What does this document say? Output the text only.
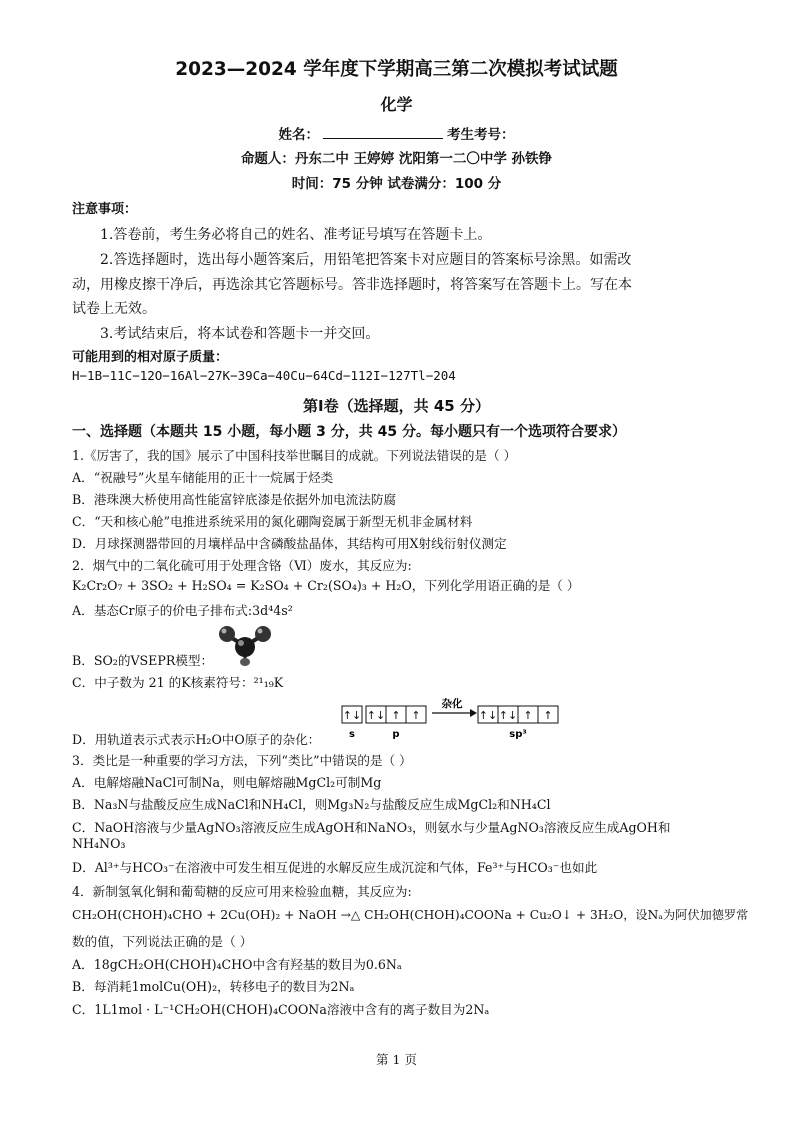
2023—2024 学年度下学期高三第二次模拟考试试题
化学
姓名：	考生考号：
命题人：丹东二中 王婷婷 沈阳第一二〇中学 孙铁铮
时间：75 分钟 试卷满分：100 分
注意事项：
1.答卷前，考生务必将自己的姓名、准考证号填写在答题卡上。
2.答选择题时，选出每小题答案后，用铅笔把答案卡对应题目的答案标号涂黑。如需改
动，用橡皮擦干净后，再选涂其它答题标号。答非选择题时，将答案写在答题卡上。写在本
试卷上无效。
3.考试结束后，将本试卷和答题卡一并交回。
可能用到的相对原子质量：
H−1B−11C−12O−16Al−27K−39Ca−40Cu−64Cd−112I−127Tl−204
第Ⅰ卷（选择题，共 45 分）
一、选择题（本题共 15 小题，每小题 3 分，共 45 分。每小题只有一个选项符合要求）
1.《厉害了，我的国》展示了中国科技举世瞩目的成就。下列说法错误的是（ ）
A．“祝融号”火星车储能用的正十一烷属于烃类
B．港珠澳大桥使用高性能富锌底漆是依据外加电流法防腐
C．“天和核心舱”电推进系统采用的氮化硼陶瓷属于新型无机非金属材料
D．月球探测器带回的月壤样品中含磷酸盐晶体，其结构可用X射线衍射仪测定
2．烟气中的二氧化硫可用于处理含铬（Ⅵ）废水，其反应为:
K₂Cr₂O₇ + 3SO₂ + H₂SO₄ = K₂SO₄ + Cr₂(SO₄)₃ + H₂O，下列化学用语正确的是（ ）
A．基态Cr原子的价电子排布式:3d⁴4s²
B．SO₂的VSEPR模型：
C．中子数为 21 的K核素符号：²¹₁₉K
↑↓ ↑↓ ↑ ↑	↑↓ ↑↓ ↑ ↑
杂化
s	p	sp³
D．用轨道表示式表示H₂O中O原子的杂化：
3．类比是一种重要的学习方法，下列“类比”中错误的是（ ）
A．电解熔融NaCl可制Na，则电解熔融MgCl₂可制Mg
B．Na₃N与盐酸反应生成NaCl和NH₄Cl，则Mg₃N₂与盐酸反应生成MgCl₂和NH₄Cl
C．NaOH溶液与少量AgNO₃溶液反应生成AgOH和NaNO₃，则氨水与少量AgNO₃溶液反应生成AgOH和
NH₄NO₃
D．Al³⁺与HCO₃⁻在溶液中可发生相互促进的水解反应生成沉淀和气体，Fe³⁺与HCO₃⁻也如此
4．新制氢氧化铜和葡萄糖的反应可用来检验血糖，其反应为:
CH₂OH(CHOH)₄CHO + 2Cu(OH)₂ + NaOH →△ CH₂OH(CHOH)₄COONa + Cu₂O↓ + 3H₂O，设Nₐ为阿伏加德罗常
数的值，下列说法正确的是（ ）
A．18gCH₂OH(CHOH)₄CHO中含有羟基的数目为0.6Nₐ
B．每消耗1molCu(OH)₂，转移电子的数目为2Nₐ
C．1L1mol · L⁻¹CH₂OH(CHOH)₄COONa溶液中含有的离子数目为2Nₐ
第 1 页
